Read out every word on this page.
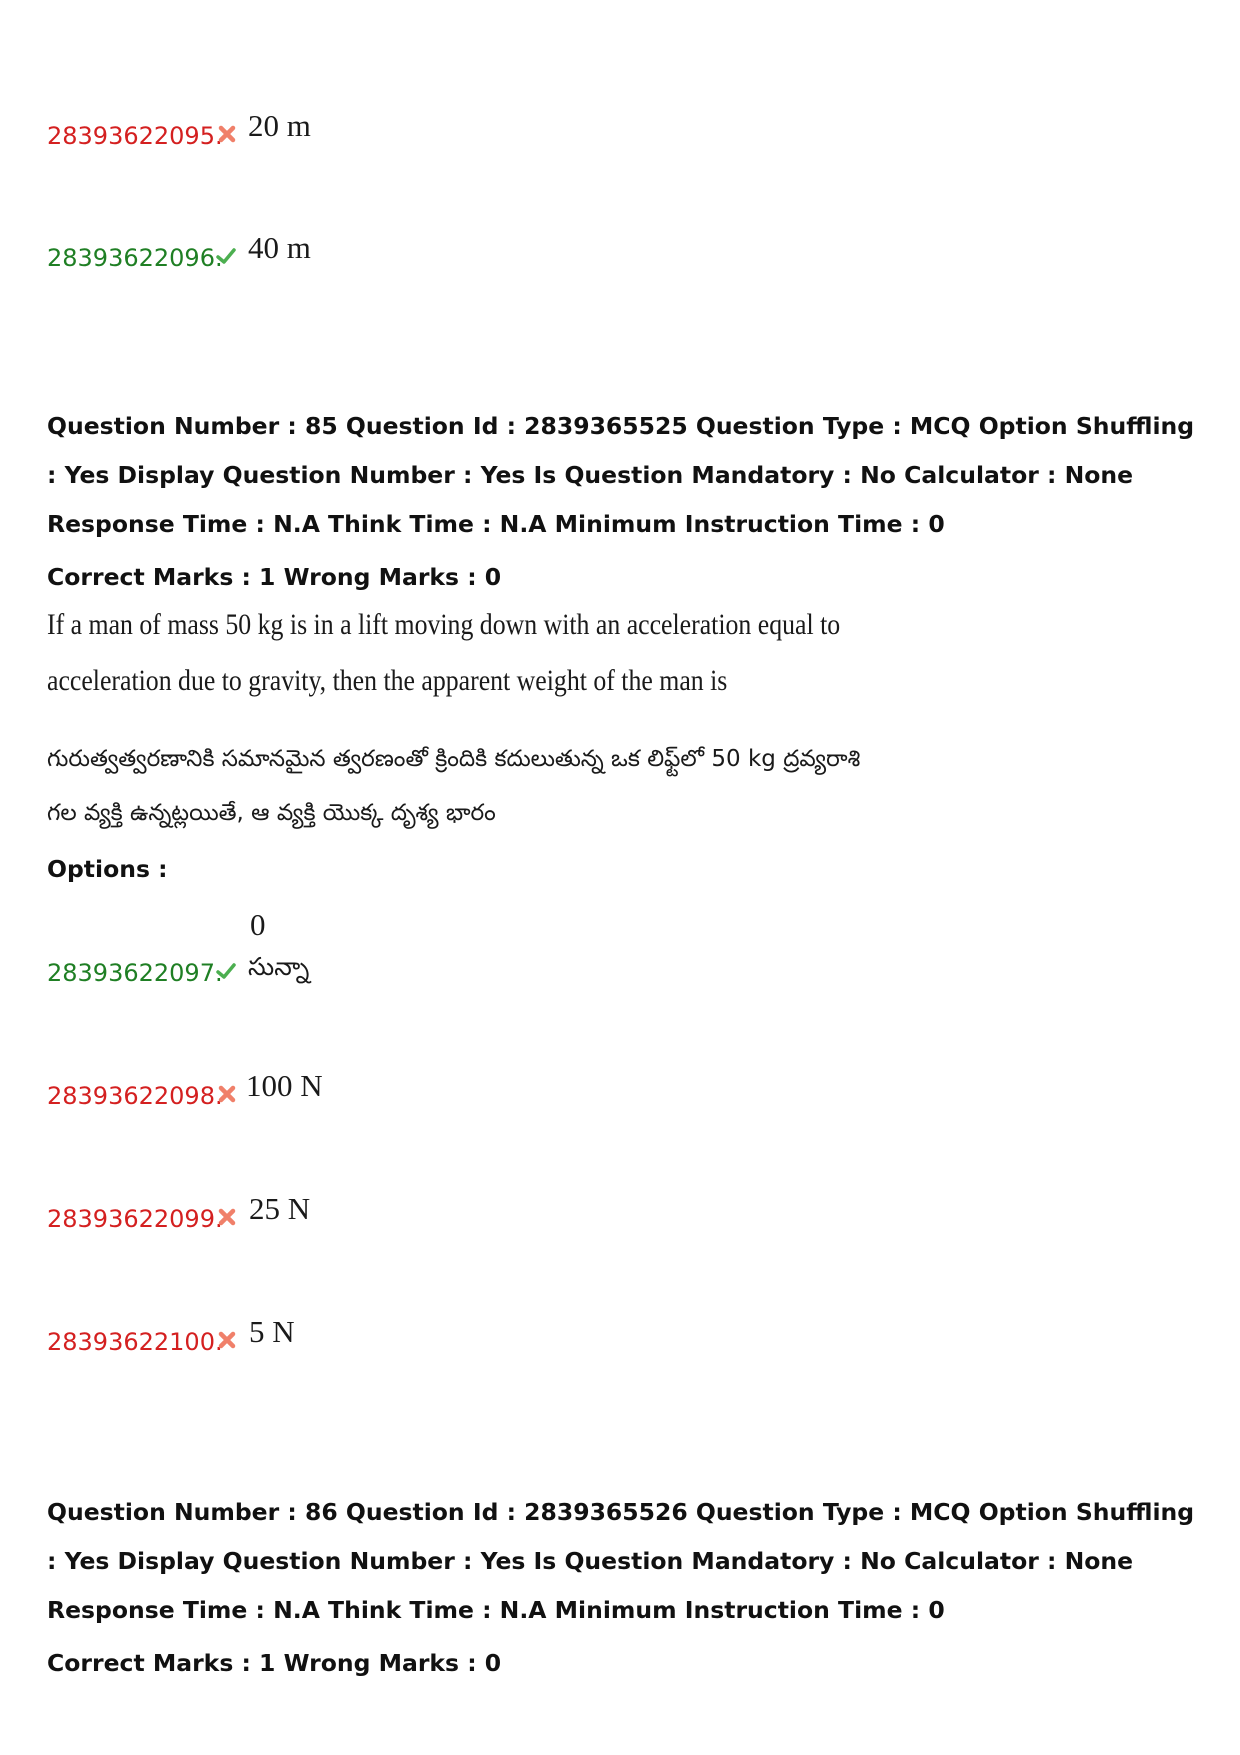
28393622095. 20 m
28393622096. 40 m
Question Number : 85 Question Id : 2839365525 Question Type : MCQ Option Shuffling : Yes Display Question Number : Yes Is Question Mandatory : No Calculator : None Response Time : N.A Think Time : N.A Minimum Instruction Time : 0
Correct Marks : 1 Wrong Marks : 0
If a man of mass 50 kg is in a lift moving down with an acceleration equal to
acceleration due to gravity, then the apparent weight of the man is
గురుత్వత్వరణానికి సమానమైన త్వరణంతో క్రిందికి కదులుతున్న ఒక లిఫ్ట్‌లో 50 kg ద్రవ్యరాశి
గల వ్యక్తి ఉన్నట్లయితే, ఆ వ్యక్తి యొక్క దృశ్య భారం
Options :
0
28393622097. సున్నా
28393622098. 100 N
28393622099. 25 N
28393622100. 5 N
Question Number : 86 Question Id : 2839365526 Question Type : MCQ Option Shuffling : Yes Display Question Number : Yes Is Question Mandatory : No Calculator : None Response Time : N.A Think Time : N.A Minimum Instruction Time : 0
Correct Marks : 1 Wrong Marks : 0
